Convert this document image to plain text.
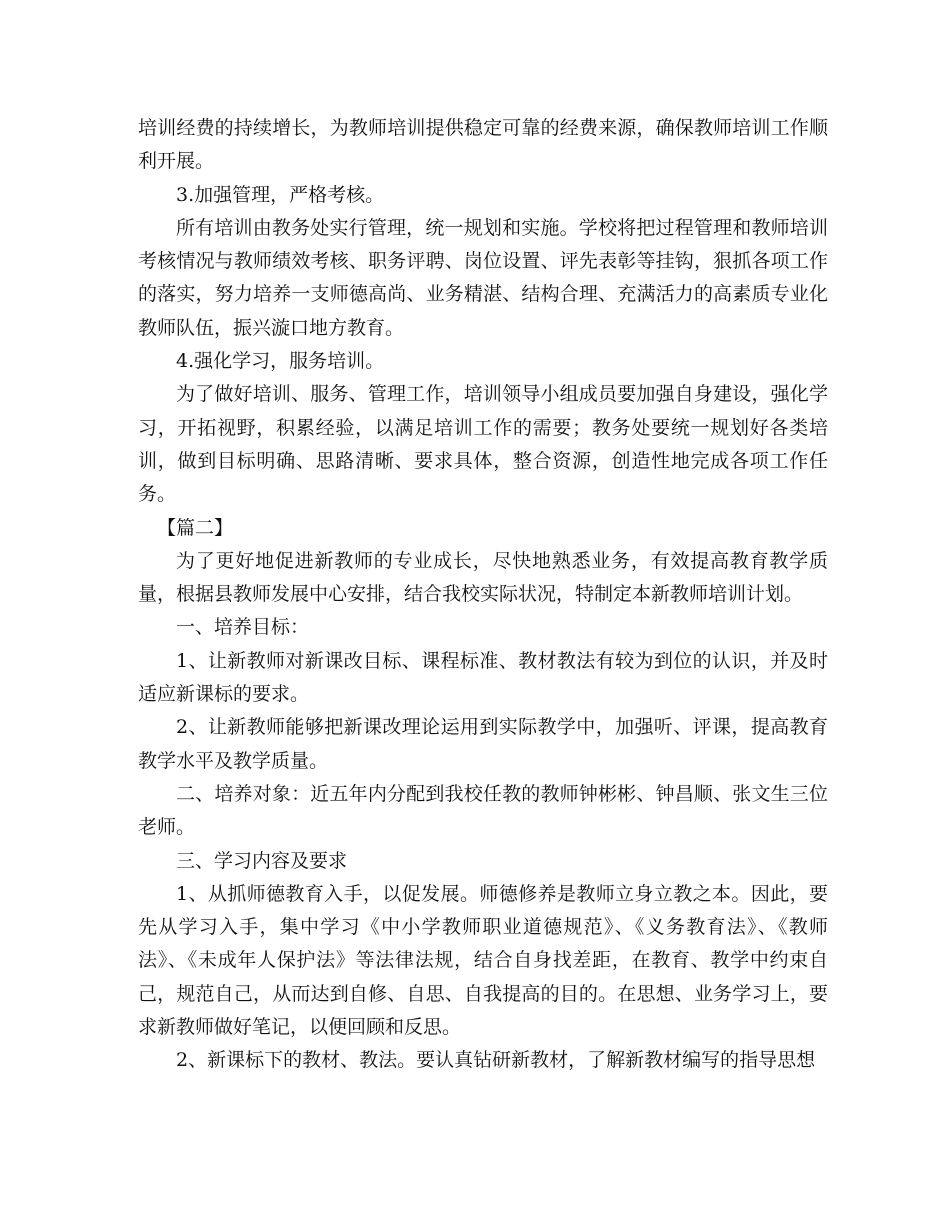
培训经费的持续增长，为教师培训提供稳定可靠的经费来源，确保教师培训工作顺利开展。

3.加强管理，严格考核。

所有培训由教务处实行管理，统一规划和实施。学校将把过程管理和教师培训考核情况与教师绩效考核、职务评聘、岗位设置、评先表彰等挂钩，狠抓各项工作的落实，努力培养一支师德高尚、业务精湛、结构合理、充满活力的高素质专业化教师队伍，振兴漩口地方教育。

4.强化学习，服务培训。

为了做好培训、服务、管理工作，培训领导小组成员要加强自身建设，强化学习，开拓视野，积累经验，以满足培训工作的需要；教务处要统一规划好各类培训，做到目标明确、思路清晰、要求具体，整合资源，创造性地完成各项工作任务。

【篇二】

为了更好地促进新教师的专业成长，尽快地熟悉业务，有效提高教育教学质量，根据县教师发展中心安排，结合我校实际状况，特制定本新教师培训计划。

一、培养目标：

1、让新教师对新课改目标、课程标准、教材教法有较为到位的认识，并及时适应新课标的要求。

2、让新教师能够把新课改理论运用到实际教学中，加强听、评课，提高教育教学水平及教学质量。

二、培养对象：近五年内分配到我校任教的教师钟彬彬、钟昌顺、张文生三位老师。

三、学习内容及要求

1、从抓师德教育入手，以促发展。师德修养是教师立身立教之本。因此，要先从学习入手，集中学习《中小学教师职业道德规范》、《义务教育法》、《教师法》、《未成年人保护法》等法律法规，结合自身找差距，在教育、教学中约束自己，规范自己，从而达到自修、自思、自我提高的目的。在思想、业务学习上，要求新教师做好笔记，以便回顾和反思。

2、新课标下的教材、教法。要认真钻研新教材，了解新教材编写的指导思想
